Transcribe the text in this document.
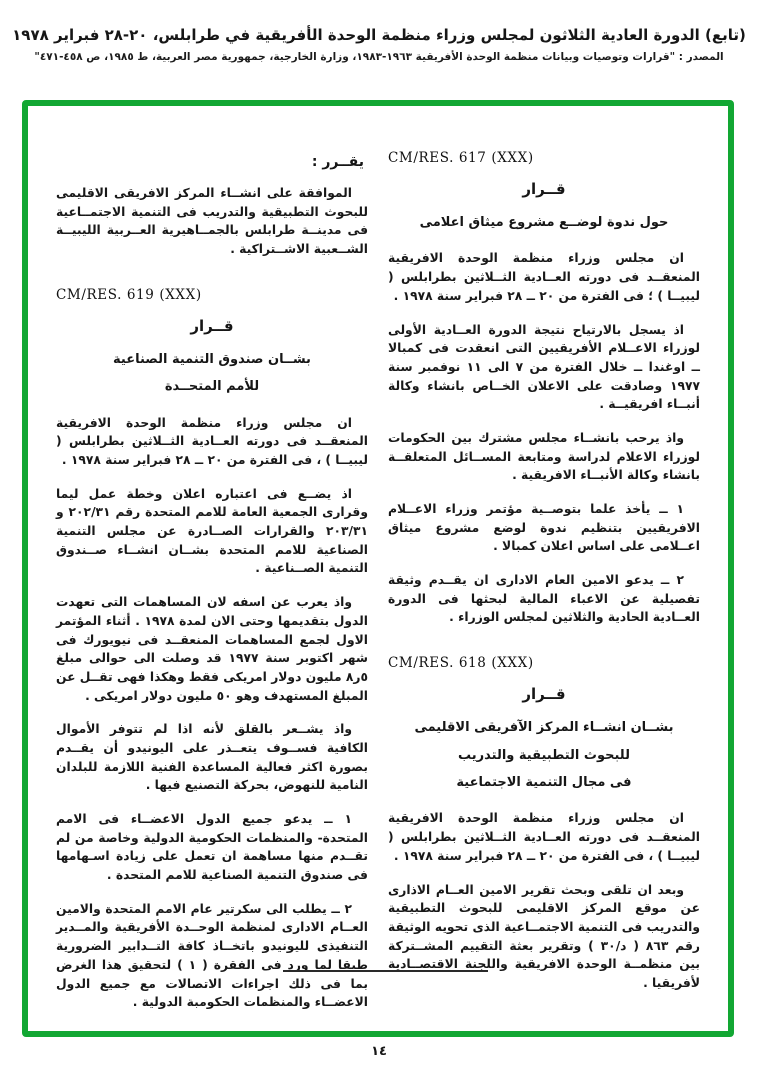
(تابع) الدورة العادية الثلاثون لمجلس وزراء منظمة الوحدة الأفريقية في طرابلس، ٢٠-٢٨ فبراير ١٩٧٨
المصدر : "قرارات وتوصيات وبيانات منظمة الوحدة الأفريقية ١٩٦٣-١٩٨٣، وزارة الخارجية، جمهورية مصر العربية، ط ١٩٨٥، ص ٤٥٨-٤٧١"
CM/RES. 617 (XXX)
قــرار
حول ندوة لوضــع مشروع ميثاق اعلامى

ان مجلس وزراء منظمة الوحدة الافريقية المنعقــد فى دورته العــادية الثــلاثين بطرابلس ( ليبيــا ) ؛ فى الفترة من ٢٠ ــ ٢٨ فبراير سنة ١٩٧٨ .

اذ يسجل بالارتياح نتيجة الدورة العــادية الأولى لوزراء الاعــلام الأفريقيين التى انعقدت فى كمبالا ــ اوغندا ــ خلال الفترة من ٧ الى ١١ نوفمبر سنة ١٩٧٧ وصادقت على الاعلان الخــاص بانشاء وكالة أنبــاء افريقيــة .

واذ يرحب بانشــاء مجلس مشترك بين الحكومات لوزراء الاعلام لدراسة ومتابعة المســائل المتعلقــة بانشاء وكالة الأنبــاء الافريقية .

١ ــ يأخذ علما بتوصــية مؤتمر وزراء الاعــلام الافريقيين بتنظيم ندوة لوضع مشروع ميثاق اعــلامى على اساس اعلان كمبالا .

٢ ــ يدعو الامين العام الادارى ان يقــدم وثيقة تفصيلية عن الاعباء المالية لبحثها فى الدورة العــادية الحادية والثلاثين لمجلس الوزراء .

CM/RES. 618 (XXX)
قــرار
بشــان انشــاء المركز الآفريقى الاقليمى
للبحوث التطبيقية والتدريب
فى مجال التنمية الاجتماعية

ان مجلس وزراء منظمة الوحدة الافريقية المنعقــد فى دورته العــادية الثــلاثين بطرابلس ( ليبيــا ) ، فى الفترة من ٢٠ ــ ٢٨ فبراير سنة ١٩٧٨ .

وبعد ان تلقى وبحث تقرير الامين العــام الاذارى عن موقع المركز الاقليمى للبحوث التطبيقية والتدريب فى التنمية الاجتمــاعية الذى تحويه الوثيقة رقم ٨٦٣ ( د/٣٠ ) وتقرير بعثة التقييم المشــتركة بين منظمــة الوحدة الافريقية واللجنة الاقتصــادية لأفريقيا .

يقــرر :

الموافقة على انشــاء المركز الافريقى الاقليمى للبحوث التطبيقية والتدريب فى التنمية الاجتمــاعية فى مدينــة طرابلس بالجمــاهيرية العــربية الليبيــة الشــعبية الاشــتراكية .

CM/RES. 619 (XXX)
قــرار
بشــان صندوق التنمية الصناعية
للأمم المتحــدة

ان مجلس وزراء منظمة الوحدة الافريقية المنعقــد فى دورته العــادية الثــلاثين بطرابلس ( ليبيــا ) ، فى الفترة من ٢٠ ــ ٢٨ فبراير سنة ١٩٧٨ .

اذ يضــع فى اعتباره اعلان وخطة عمل ليما وقرارى الجمعية العامة للامم المتحدة رقم ٢٠٢/٣١ و ٢٠٣/٣١ والقرارات الصــادرة عن مجلس التنمية الصناعية للامم المتحدة بشــان انشــاء صــندوق التنمية الصــناعية .

واذ يعرب عن اسفه لان المساهمات التى تعهدت الدول بتقديمها وحتى الان لمدة ١٩٧٨ . أثناء المؤتمر الاول لجمع المساهمات المنعقــد فى نيويورك فى شهر اكتوبر سنة ١٩٧٧ قد وصلت الى حوالى مبلغ ٥ر٨ مليون دولار امريكى فقط وهكذا فهى تقــل عن المبلغ المستهدف وهو ٥٠ مليون دولار امريكى .

واذ يشــعر بالقلق لأنه اذا لم تتوفر الأموال الكافية فســوف يتعــذر على اليونيدو أن يقــدم بصورة اكثر فعالية المساعدة الفنية اللازمة للبلدان النامية للنهوض، بحركة التصنيع فيها .

١ ــ يدعو جميع الدول الاعضــاء فى الامم المتحدة- والمنظمات الحكومية الدولية وخاصة من لم تقــدم منها مساهمة ان تعمل على زيادة اسـهامها فى صندوق التنمية الصناعية للامم المتحدة .

٢ ــ يطلب الى سكرتير عام الامم المتحدة والامين العــام الادارى لمنظمة الوحــدة الأفريقية والمــدير التنفيذى لليونيدو باتخــاذ كافة التــدابير الضرورية طبقا لما ورد فى الفقرة ( ١ ) لتحقيق هذا الغرض بما فى ذلك اجراءات الاتصالات مع جميع الدول الاعضــاء والمنظمات الحكومبة الدولية .

١٤
